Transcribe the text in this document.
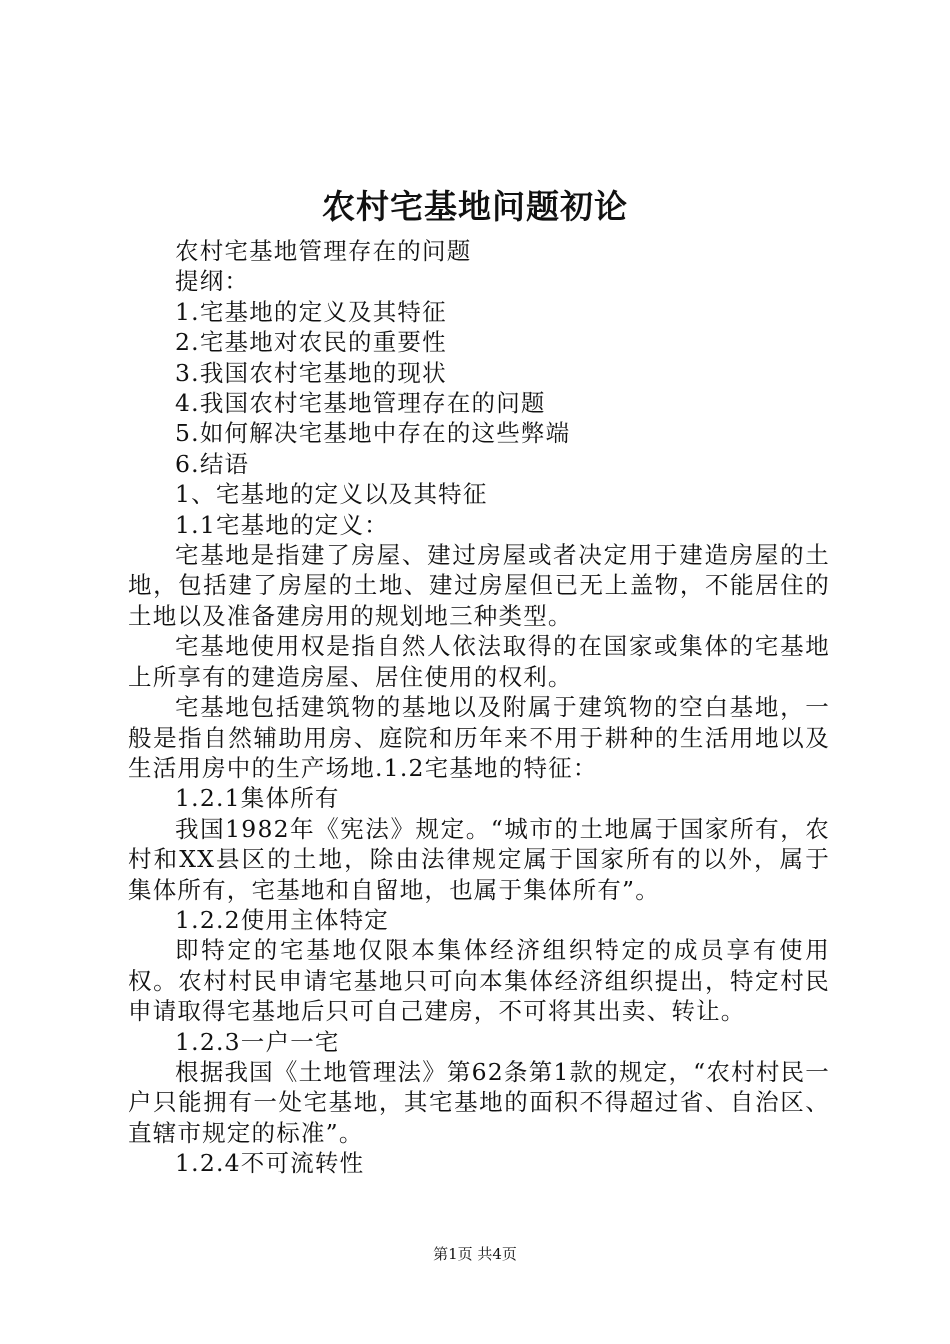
农村宅基地问题初论

农村宅基地管理存在的问题

提纲：

1.宅基地的定义及其特征

2.宅基地对农民的重要性

3.我国农村宅基地的现状

4.我国农村宅基地管理存在的问题

5.如何解决宅基地中存在的这些弊端

6.结语

1、宅基地的定义以及其特征

1.1宅基地的定义：

宅基地是指建了房屋、建过房屋或者决定用于建造房屋的土地，包括建了房屋的土地、建过房屋但已无上盖物，不能居住的土地以及准备建房用的规划地三种类型。

宅基地使用权是指自然人依法取得的在国家或集体的宅基地上所享有的建造房屋、居住使用的权利。

宅基地包括建筑物的基地以及附属于建筑物的空白基地，一般是指自然辅助用房、庭院和历年来不用于耕种的生活用地以及生活用房中的生产场地.1.2宅基地的特征：

1.2.1集体所有

我国1982年《宪法》规定。“城市的土地属于国家所有，农村和XX县区的土地，除由法律规定属于国家所有的以外，属于集体所有，宅基地和自留地，也属于集体所有”。

1.2.2使用主体特定

即特定的宅基地仅限本集体经济组织特定的成员享有使用权。农村村民申请宅基地只可向本集体经济组织提出，特定村民申请取得宅基地后只可自己建房，不可将其出卖、转让。

1.2.3一户一宅

根据我国《土地管理法》第62条第1款的规定，“农村村民一户只能拥有一处宅基地，其宅基地的面积不得超过省、自治区、直辖市规定的标准”。

1.2.4不可流转性

第1页 共4页
